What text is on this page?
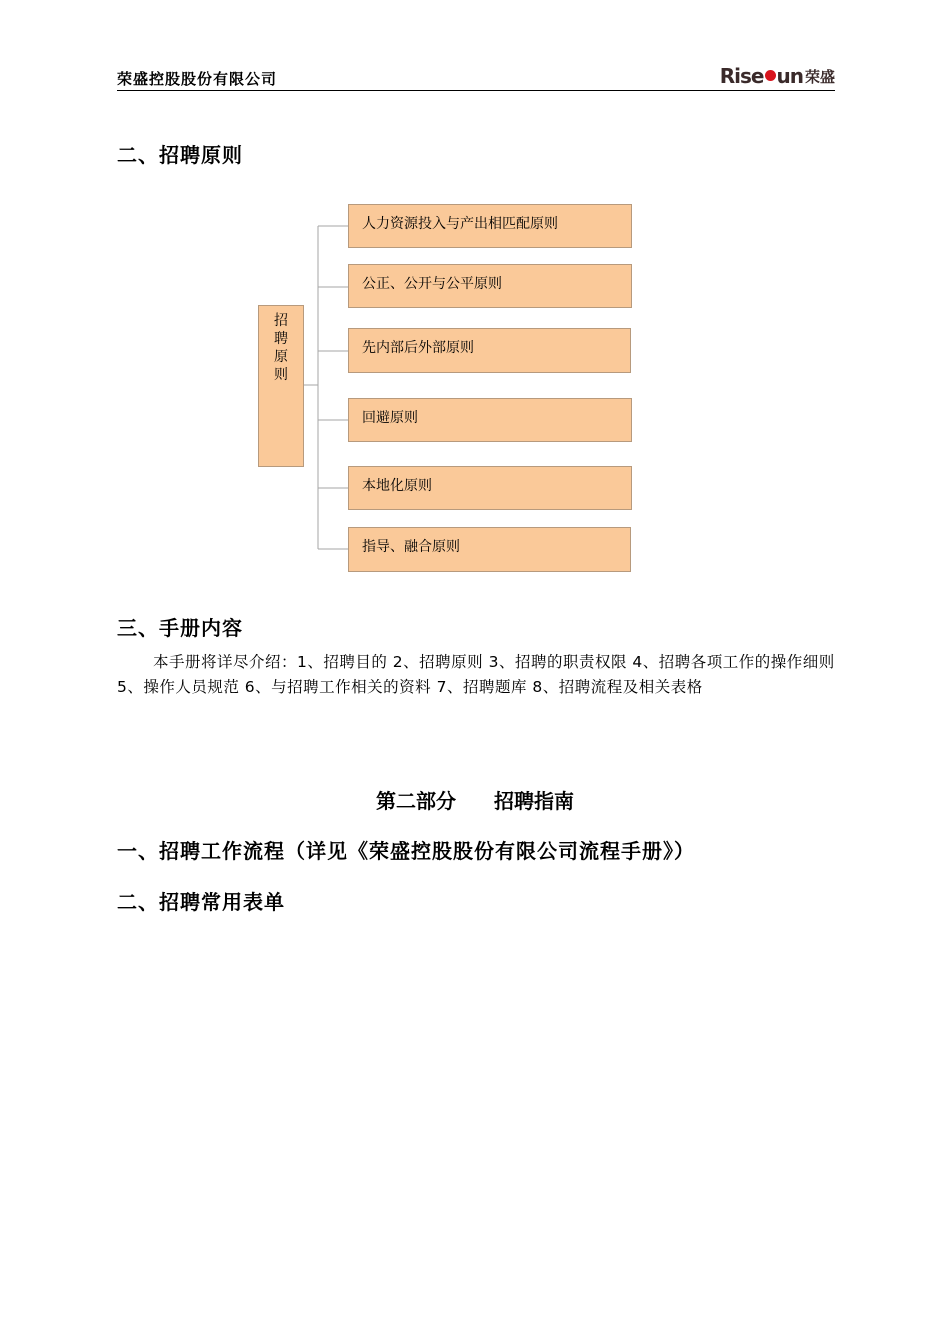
荣盛控股股份有限公司	Rise un 荣盛
二、招聘原则
招聘原则
人力资源投入与产出相匹配原则
公正、公开与公平原则
先内部后外部原则
回避原则
本地化原则
指导、融合原则
三、手册内容

本手册将详尽介绍：1、招聘目的 2、招聘原则 3、招聘的职责权限 4、招聘各项工作的操作细则 5、操作人员规范 6、与招聘工作相关的资料 7、招聘题库 8、招聘流程及相关表格

第二部分 招聘指南
一、招聘工作流程（详见《荣盛控股股份有限公司流程手册》）
二、招聘常用表单
